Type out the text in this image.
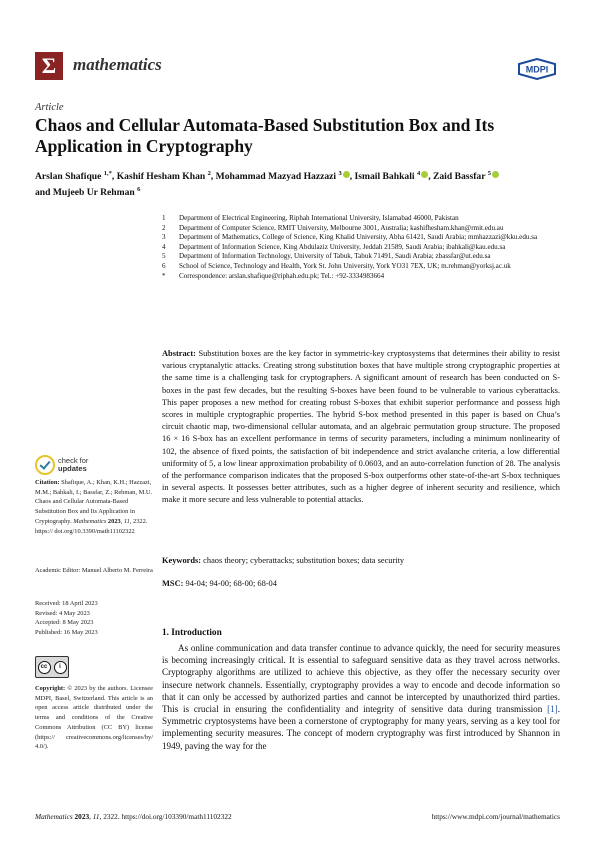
Σ mathematics	MDPI
Article
Chaos and Cellular Automata-Based Substitution Box and Its Application in Cryptography
Arslan Shafique $^{1,*}$, Kashif Hesham Khan $^2$, Mohammad Mazyad Hazzazi $^3$ , Ismail Bahkali $^4$ , Zaid Bassfar $^5$
and Mujeeb Ur Rehman $^6$
1	Department of Electrical Engineering, Riphah International University, Islamabad 46000, Pakistan
2	Department of Computer Science, RMIT University, Melbourne 3001, Australia; kashifhesham.khan@rmit.edu.au
3	Department of Mathematics, College of Science, King Khalid University, Abha 61421, Saudi Arabia; mmhazzazi@kku.edu.sa
4	Department of Information Science, King Abdulaziz University, Jeddah 21589, Saudi Arabia; ibahkali@kau.edu.sa
5	Department of Information Technology, University of Tabuk, Tabuk 71491, Saudi Arabia; zbassfar@ut.edu.sa
6	School of Science, Technology and Health, York St. John University, York YO31 7EX, UK; m.rehman@yorksj.ac.uk
*	Correspondence: arslan.shafique@riphah.edu.pk; Tel.: +92-3334983664
Abstract: Substitution boxes are the key factor in symmetric-key cryptosystems that determines their ability to resist various cryptanalytic attacks. Creating strong substitution boxes that have multiple strong cryptographic properties at the same time is a challenging task for cryptographers. A significant amount of research has been conducted on S-boxes in the past few decades, but the resulting S-boxes have been found to be vulnerable to various cyberattacks. This paper proposes a new method for creating robust S-boxes that exhibit superior performance and possess high scores in multiple cryptographic properties. The hybrid S-box method presented in this paper is based on Chua’s circuit chaotic map, two-dimensional cellular automata, and an algebraic permutation group structure. The proposed 16 × 16 S-box has an excellent performance in terms of security parameters, including a minimum nonlinearity of 102, the absence of fixed points, the satisfaction of bit independence and strict avalanche criteria, a low differential uniformity of 5, a low linear approximation probability of 0.0603, and an auto-correlation function of 28. The analysis of the performance comparison indicates that the proposed S-box outperforms other state-of-the-art S-box techniques in several aspects. It possesses better attributes, such as a higher degree of inherent security and resilience, which make it more secure and less vulnerable to potential attacks.
Keywords: chaos theory; cyberattacks; substitution boxes; data security
MSC: 94-04; 94-00; 68-00; 68-04
check for
updates
Citation: Shafique, A.; Khan, K.H.; Hazzazi, M.M.; Bahkali, I.; Bassfar, Z.; Rehman, M.U. Chaos and Cellular Automata-Based Substitution Box and Its Application in Cryptography. Mathematics 2023, 11, 2322. https:// doi.org/10.3390/math11102322
Academic Editor: Manuel Alberto M. Ferreira
Received: 18 April 2023
Revised: 4 May 2023
Accepted: 8 May 2023
Published: 16 May 2023
cc	i
Copyright: © 2023 by the authors. Licensee MDPI, Basel, Switzerland. This article is an open access article distributed under the terms and conditions of the Creative Commons Attribution (CC BY) license (https:// creativecommons.org/licenses/by/ 4.0/).
1. Introduction
As online communication and data transfer continue to advance quickly, the need for security measures is becoming increasingly critical. It is essential to safeguard sensitive data as they travel across networks. Cryptography algorithms are utilized to achieve this objective, as they offer the necessary security over insecure network channels. Essentially, cryptography provides a way to encode and decode information so that it can only be accessed by authorized parties and cannot be intercepted by unauthorized third parties. This is crucial in ensuring the confidentiality and integrity of sensitive data during transmission [1]. Symmetric cryptosystems have been a cornerstone of cryptography for many years, serving as a key tool for implementing security measures. The concept of modern cryptography was first introduced by Shannon in 1949, paving the way for the
Mathematics 2023, 11, 2322. https://doi.org/103390/math11102322	https://www.mdpi.com/journal/mathematics
